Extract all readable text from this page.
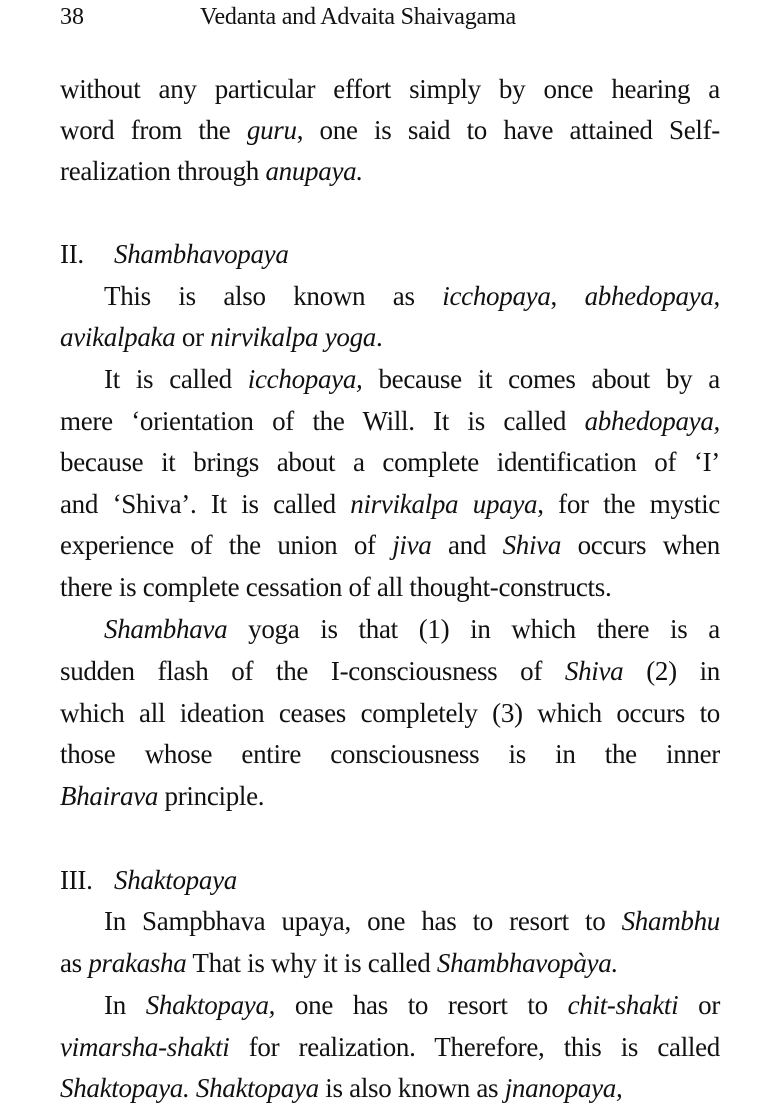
38	Vedanta and Advaita Shaivagama
without any particular effort simply by once hearing a
word from the guru, one is said to have attained Self-
realization through anupaya.
II. Shambhavopaya
This is also known as icchopaya, abhedopaya,
avikalpaka or nirvikalpa yoga.
It is called icchopaya, because it comes about by a
mere ‘orientation of the Will. It is called abhedopaya,
because it brings about a complete identification of ‘I’
and ‘Shiva’. It is called nirvikalpa upaya, for the mystic
experience of the union of jiva and Shiva occurs when
there is complete cessation of all thought-constructs.
Shambhava yoga is that (1) in which there is a
sudden flash of the I-consciousness of Shiva (2) in
which all ideation ceases completely (3) which occurs to
those whose entire consciousness is in the inner
Bhairava principle.
III. Shaktopaya
In Sampbhava upaya, one has to resort to Shambhu
as prakasha That is why it is called Shambhavopàya.
In Shaktopaya, one has to resort to chit-shakti or
vimarsha-shakti for realization. Therefore, this is called
Shaktopaya. Shaktopaya is also known as jnanopaya,
